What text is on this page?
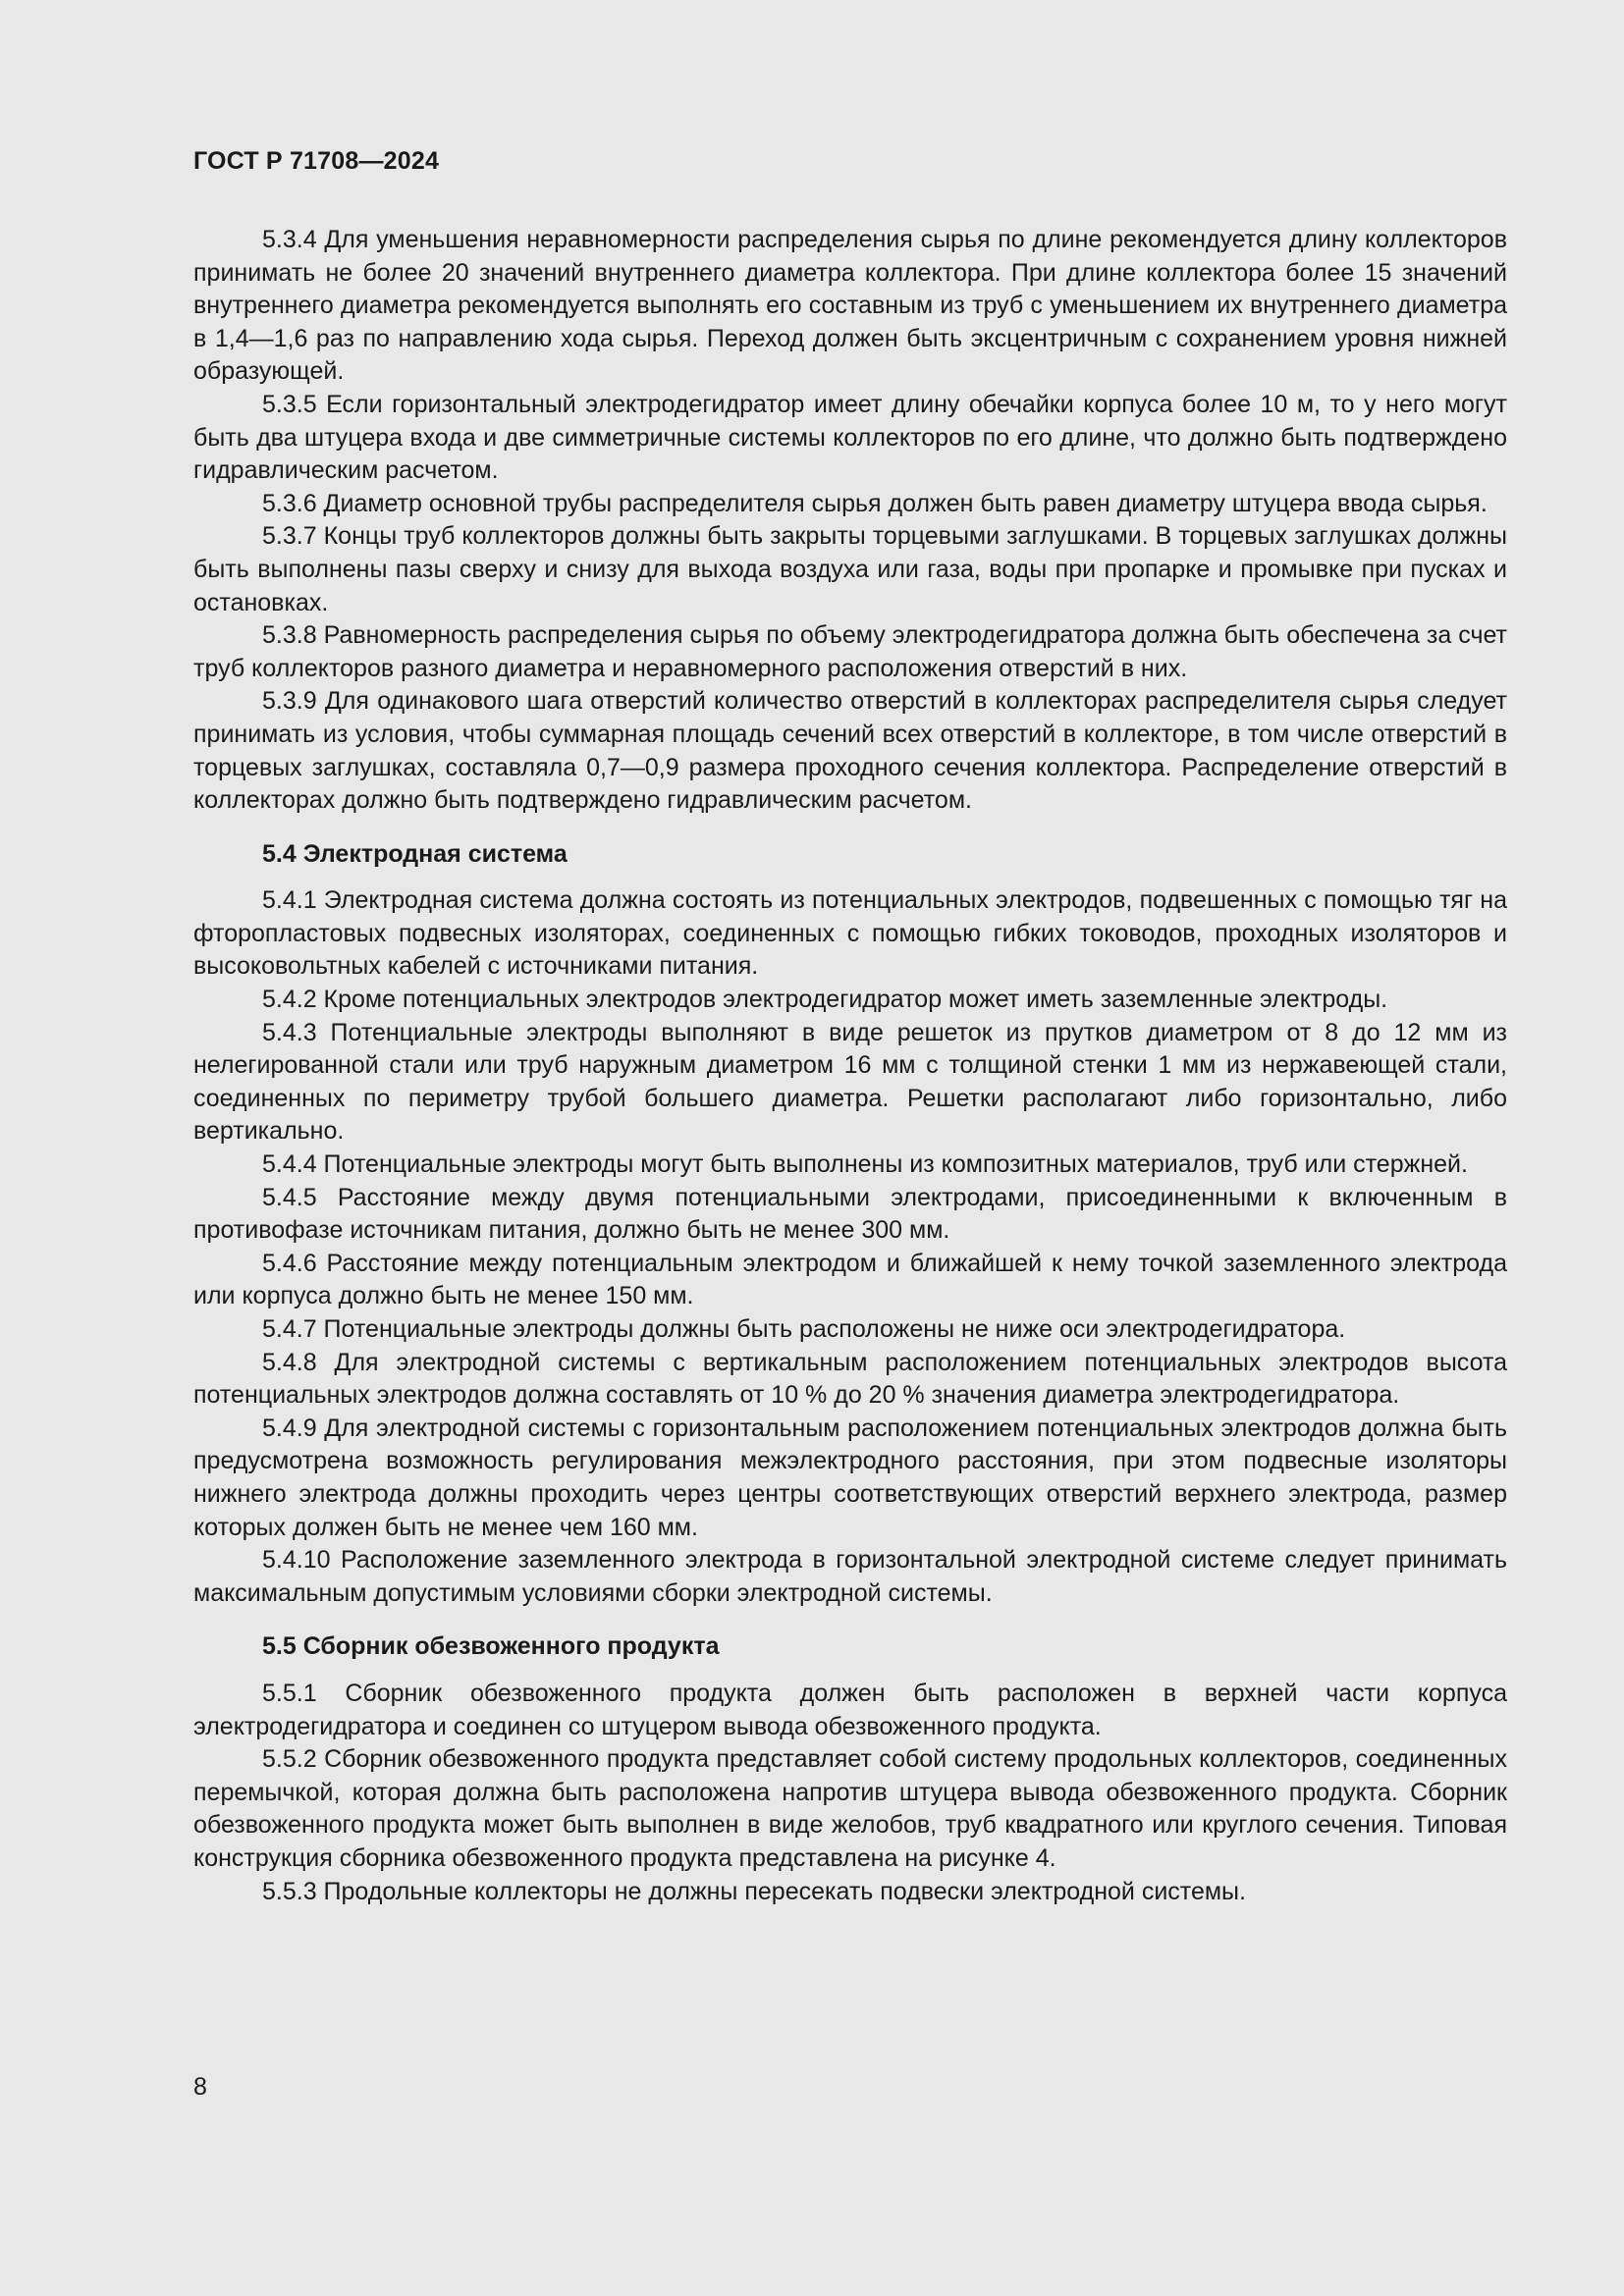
ГОСТ Р 71708—2024

5.3.4 Для уменьшения неравномерности распределения сырья по длине рекомендуется длину коллекторов принимать не более 20 значений внутреннего диаметра коллектора. При длине коллектора более 15 значений внутреннего диаметра рекомендуется выполнять его составным из труб с уменьшением их внутреннего диаметра в 1,4—1,6 раз по направлению хода сырья. Переход должен быть эксцентричным с сохранением уровня нижней образующей.

5.3.5 Если горизонтальный электродегидратор имеет длину обечайки корпуса более 10 м, то у него могут быть два штуцера входа и две симметричные системы коллекторов по его длине, что должно быть подтверждено гидравлическим расчетом.

5.3.6 Диаметр основной трубы распределителя сырья должен быть равен диаметру штуцера ввода сырья.

5.3.7 Концы труб коллекторов должны быть закрыты торцевыми заглушками. В торцевых заглушках должны быть выполнены пазы сверху и снизу для выхода воздуха или газа, воды при пропарке и промывке при пусках и остановках.

5.3.8 Равномерность распределения сырья по объему электродегидратора должна быть обеспечена за счет труб коллекторов разного диаметра и неравномерного расположения отверстий в них.

5.3.9 Для одинакового шага отверстий количество отверстий в коллекторах распределителя сырья следует принимать из условия, чтобы суммарная площадь сечений всех отверстий в коллекторе, в том числе отверстий в торцевых заглушках, составляла 0,7—0,9 размера проходного сечения коллектора. Распределение отверстий в коллекторах должно быть подтверждено гидравлическим расчетом.

5.4 Электродная система

5.4.1 Электродная система должна состоять из потенциальных электродов, подвешенных с помощью тяг на фторопластовых подвесных изоляторах, соединенных с помощью гибких тоководов, проходных изоляторов и высоковольтных кабелей с источниками питания.

5.4.2 Кроме потенциальных электродов электродегидратор может иметь заземленные электроды.

5.4.3 Потенциальные электроды выполняют в виде решеток из прутков диаметром от 8 до 12 мм из нелегированной стали или труб наружным диаметром 16 мм с толщиной стенки 1 мм из нержавеющей стали, соединенных по периметру трубой большего диаметра. Решетки располагают либо горизонтально, либо вертикально.

5.4.4 Потенциальные электроды могут быть выполнены из композитных материалов, труб или стержней.

5.4.5 Расстояние между двумя потенциальными электродами, присоединенными к включенным в противофазе источникам питания, должно быть не менее 300 мм.

5.4.6 Расстояние между потенциальным электродом и ближайшей к нему точкой заземленного электрода или корпуса должно быть не менее 150 мм.

5.4.7 Потенциальные электроды должны быть расположены не ниже оси электродегидратора.

5.4.8 Для электродной системы с вертикальным расположением потенциальных электродов высота потенциальных электродов должна составлять от 10 % до 20 % значения диаметра электродегидратора.

5.4.9 Для электродной системы с горизонтальным расположением потенциальных электродов должна быть предусмотрена возможность регулирования межэлектродного расстояния, при этом подвесные изоляторы нижнего электрода должны проходить через центры соответствующих отверстий верхнего электрода, размер которых должен быть не менее чем 160 мм.

5.4.10 Расположение заземленного электрода в горизонтальной электродной системе следует принимать максимальным допустимым условиями сборки электродной системы.

5.5 Сборник обезвоженного продукта

5.5.1 Сборник обезвоженного продукта должен быть расположен в верхней части корпуса электродегидратора и соединен со штуцером вывода обезвоженного продукта.

5.5.2 Сборник обезвоженного продукта представляет собой систему продольных коллекторов, соединенных перемычкой, которая должна быть расположена напротив штуцера вывода обезвоженного продукта. Сборник обезвоженного продукта может быть выполнен в виде желобов, труб квадратного или круглого сечения. Типовая конструкция сборника обезвоженного продукта представлена на рисунке 4.

5.5.3 Продольные коллекторы не должны пересекать подвески электродной системы.

8
